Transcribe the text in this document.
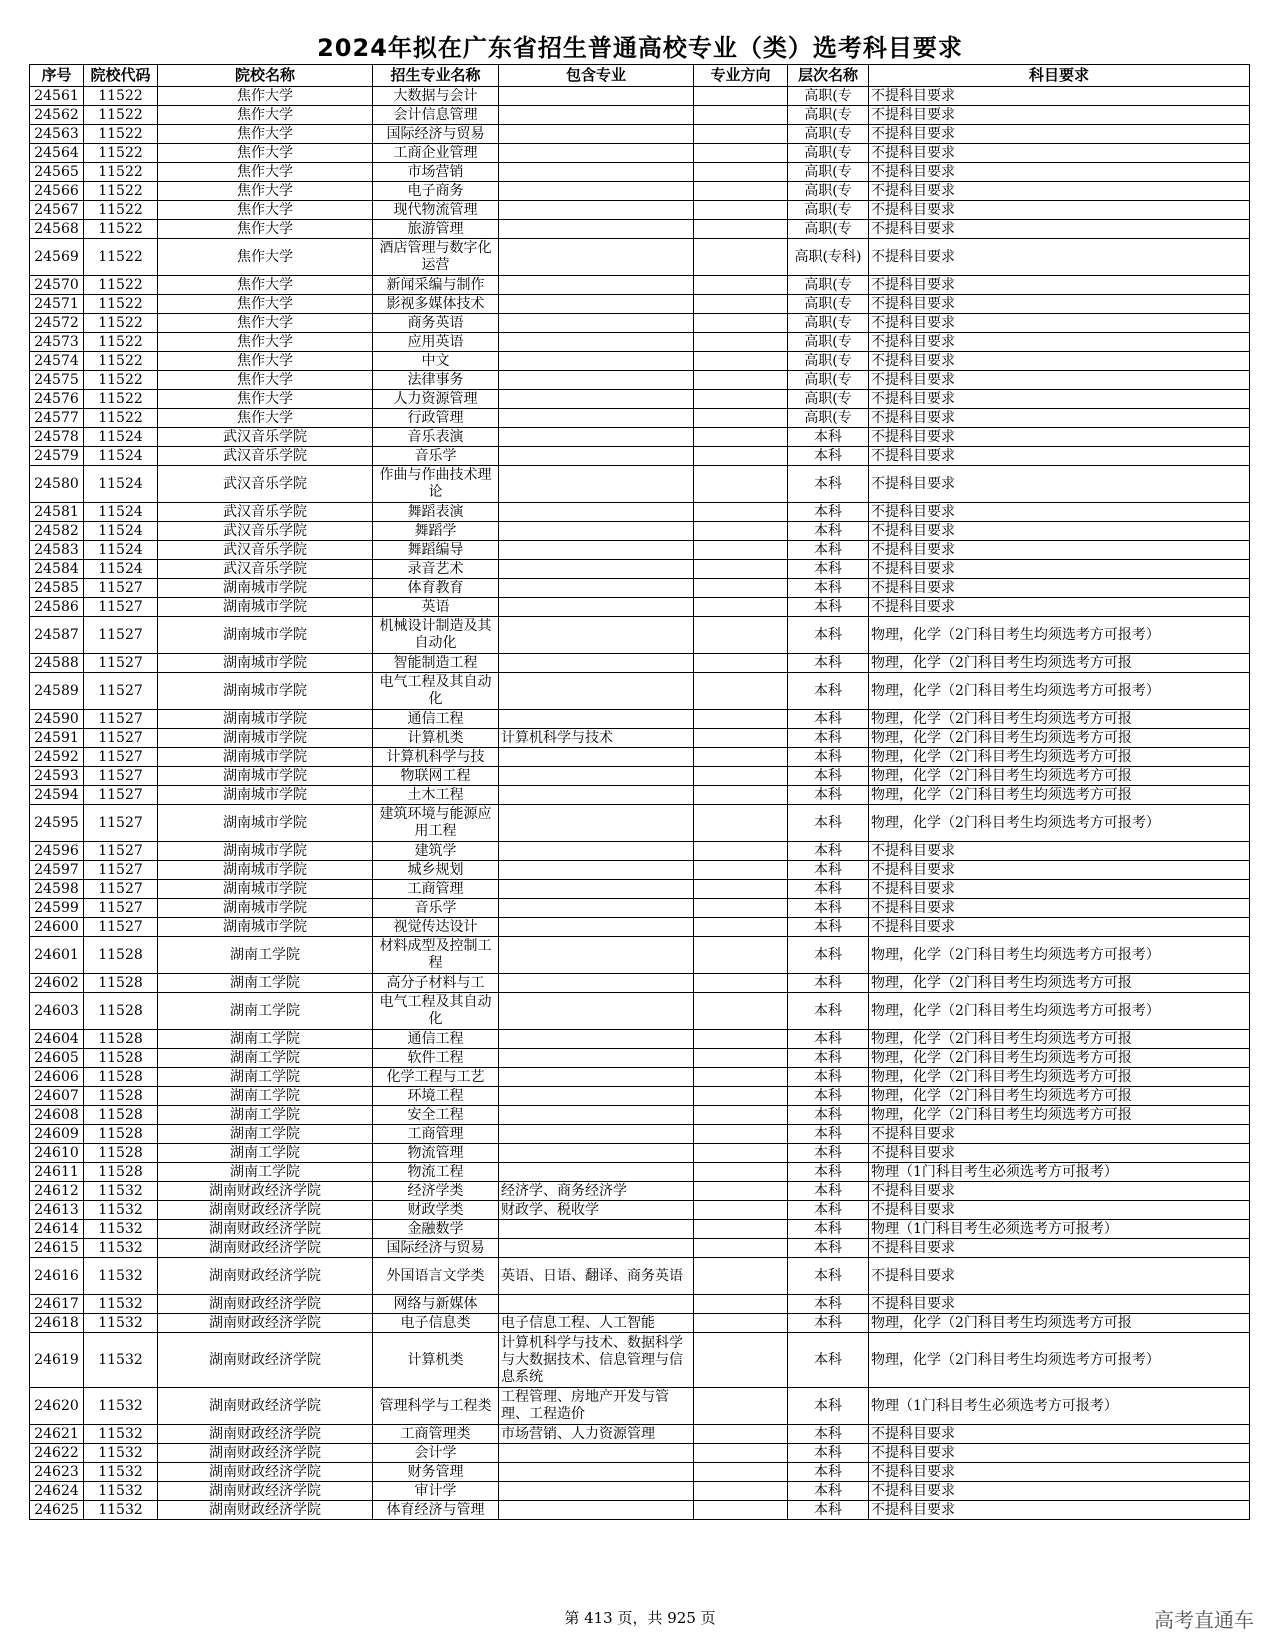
2024年拟在广东省招生普通高校专业（类）选考科目要求
序号	院校代码	院校名称	招生专业名称	包含专业	专业方向	层次名称	科目要求
24561	11522	焦作大学	大数据与会计			高职(专	不提科目要求
24562	11522	焦作大学	会计信息管理			高职(专	不提科目要求
24563	11522	焦作大学	国际经济与贸易			高职(专	不提科目要求
24564	11522	焦作大学	工商企业管理			高职(专	不提科目要求
24565	11522	焦作大学	市场营销			高职(专	不提科目要求
24566	11522	焦作大学	电子商务			高职(专	不提科目要求
24567	11522	焦作大学	现代物流管理			高职(专	不提科目要求
24568	11522	焦作大学	旅游管理			高职(专	不提科目要求
24569	11522	焦作大学	酒店管理与数字化运营			高职(专科)	不提科目要求
24570	11522	焦作大学	新闻采编与制作			高职(专	不提科目要求
24571	11522	焦作大学	影视多媒体技术			高职(专	不提科目要求
24572	11522	焦作大学	商务英语			高职(专	不提科目要求
24573	11522	焦作大学	应用英语			高职(专	不提科目要求
24574	11522	焦作大学	中文			高职(专	不提科目要求
24575	11522	焦作大学	法律事务			高职(专	不提科目要求
24576	11522	焦作大学	人力资源管理			高职(专	不提科目要求
24577	11522	焦作大学	行政管理			高职(专	不提科目要求
24578	11524	武汉音乐学院	音乐表演			本科	不提科目要求
24579	11524	武汉音乐学院	音乐学			本科	不提科目要求
24580	11524	武汉音乐学院	作曲与作曲技术理论			本科	不提科目要求
24581	11524	武汉音乐学院	舞蹈表演			本科	不提科目要求
24582	11524	武汉音乐学院	舞蹈学			本科	不提科目要求
24583	11524	武汉音乐学院	舞蹈编导			本科	不提科目要求
24584	11524	武汉音乐学院	录音艺术			本科	不提科目要求
24585	11527	湖南城市学院	体育教育			本科	不提科目要求
24586	11527	湖南城市学院	英语			本科	不提科目要求
24587	11527	湖南城市学院	机械设计制造及其自动化			本科	物理，化学（2门科目考生均须选考方可报考）
24588	11527	湖南城市学院	智能制造工程			本科	物理，化学（2门科目考生均须选考方可报
24589	11527	湖南城市学院	电气工程及其自动化			本科	物理，化学（2门科目考生均须选考方可报考）
24590	11527	湖南城市学院	通信工程			本科	物理，化学（2门科目考生均须选考方可报
24591	11527	湖南城市学院	计算机类	计算机科学与技术		本科	物理，化学（2门科目考生均须选考方可报
24592	11527	湖南城市学院	计算机科学与技			本科	物理，化学（2门科目考生均须选考方可报
24593	11527	湖南城市学院	物联网工程			本科	物理，化学（2门科目考生均须选考方可报
24594	11527	湖南城市学院	土木工程			本科	物理，化学（2门科目考生均须选考方可报
24595	11527	湖南城市学院	建筑环境与能源应用工程			本科	物理，化学（2门科目考生均须选考方可报考）
24596	11527	湖南城市学院	建筑学			本科	不提科目要求
24597	11527	湖南城市学院	城乡规划			本科	不提科目要求
24598	11527	湖南城市学院	工商管理			本科	不提科目要求
24599	11527	湖南城市学院	音乐学			本科	不提科目要求
24600	11527	湖南城市学院	视觉传达设计			本科	不提科目要求
24601	11528	湖南工学院	材料成型及控制工程			本科	物理，化学（2门科目考生均须选考方可报考）
24602	11528	湖南工学院	高分子材料与工			本科	物理，化学（2门科目考生均须选考方可报
24603	11528	湖南工学院	电气工程及其自动化			本科	物理，化学（2门科目考生均须选考方可报考）
24604	11528	湖南工学院	通信工程			本科	物理，化学（2门科目考生均须选考方可报
24605	11528	湖南工学院	软件工程			本科	物理，化学（2门科目考生均须选考方可报
24606	11528	湖南工学院	化学工程与工艺			本科	物理，化学（2门科目考生均须选考方可报
24607	11528	湖南工学院	环境工程			本科	物理，化学（2门科目考生均须选考方可报
24608	11528	湖南工学院	安全工程			本科	物理，化学（2门科目考生均须选考方可报
24609	11528	湖南工学院	工商管理			本科	不提科目要求
24610	11528	湖南工学院	物流管理			本科	不提科目要求
24611	11528	湖南工学院	物流工程			本科	物理（1门科目考生必须选考方可报考）
24612	11532	湖南财政经济学院	经济学类	经济学、商务经济学		本科	不提科目要求
24613	11532	湖南财政经济学院	财政学类	财政学、税收学		本科	不提科目要求
24614	11532	湖南财政经济学院	金融数学			本科	物理（1门科目考生必须选考方可报考）
24615	11532	湖南财政经济学院	国际经济与贸易			本科	不提科目要求
24616	11532	湖南财政经济学院	外国语言文学类	英语、日语、翻译、商务英语		本科	不提科目要求
24617	11532	湖南财政经济学院	网络与新媒体			本科	不提科目要求
24618	11532	湖南财政经济学院	电子信息类	电子信息工程、人工智能		本科	物理，化学（2门科目考生均须选考方可报
24619	11532	湖南财政经济学院	计算机类	计算机科学与技术、数据科学与大数据技术、信息管理与信息系统		本科	物理，化学（2门科目考生均须选考方可报考）
24620	11532	湖南财政经济学院	管理科学与工程类	工程管理、房地产开发与管理、工程造价		本科	物理（1门科目考生必须选考方可报考）
24621	11532	湖南财政经济学院	工商管理类	市场营销、人力资源管理		本科	不提科目要求
24622	11532	湖南财政经济学院	会计学			本科	不提科目要求
24623	11532	湖南财政经济学院	财务管理			本科	不提科目要求
24624	11532	湖南财政经济学院	审计学			本科	不提科目要求
24625	11532	湖南财政经济学院	体育经济与管理			本科	不提科目要求
第 413 页，共 925 页	高考直通车
